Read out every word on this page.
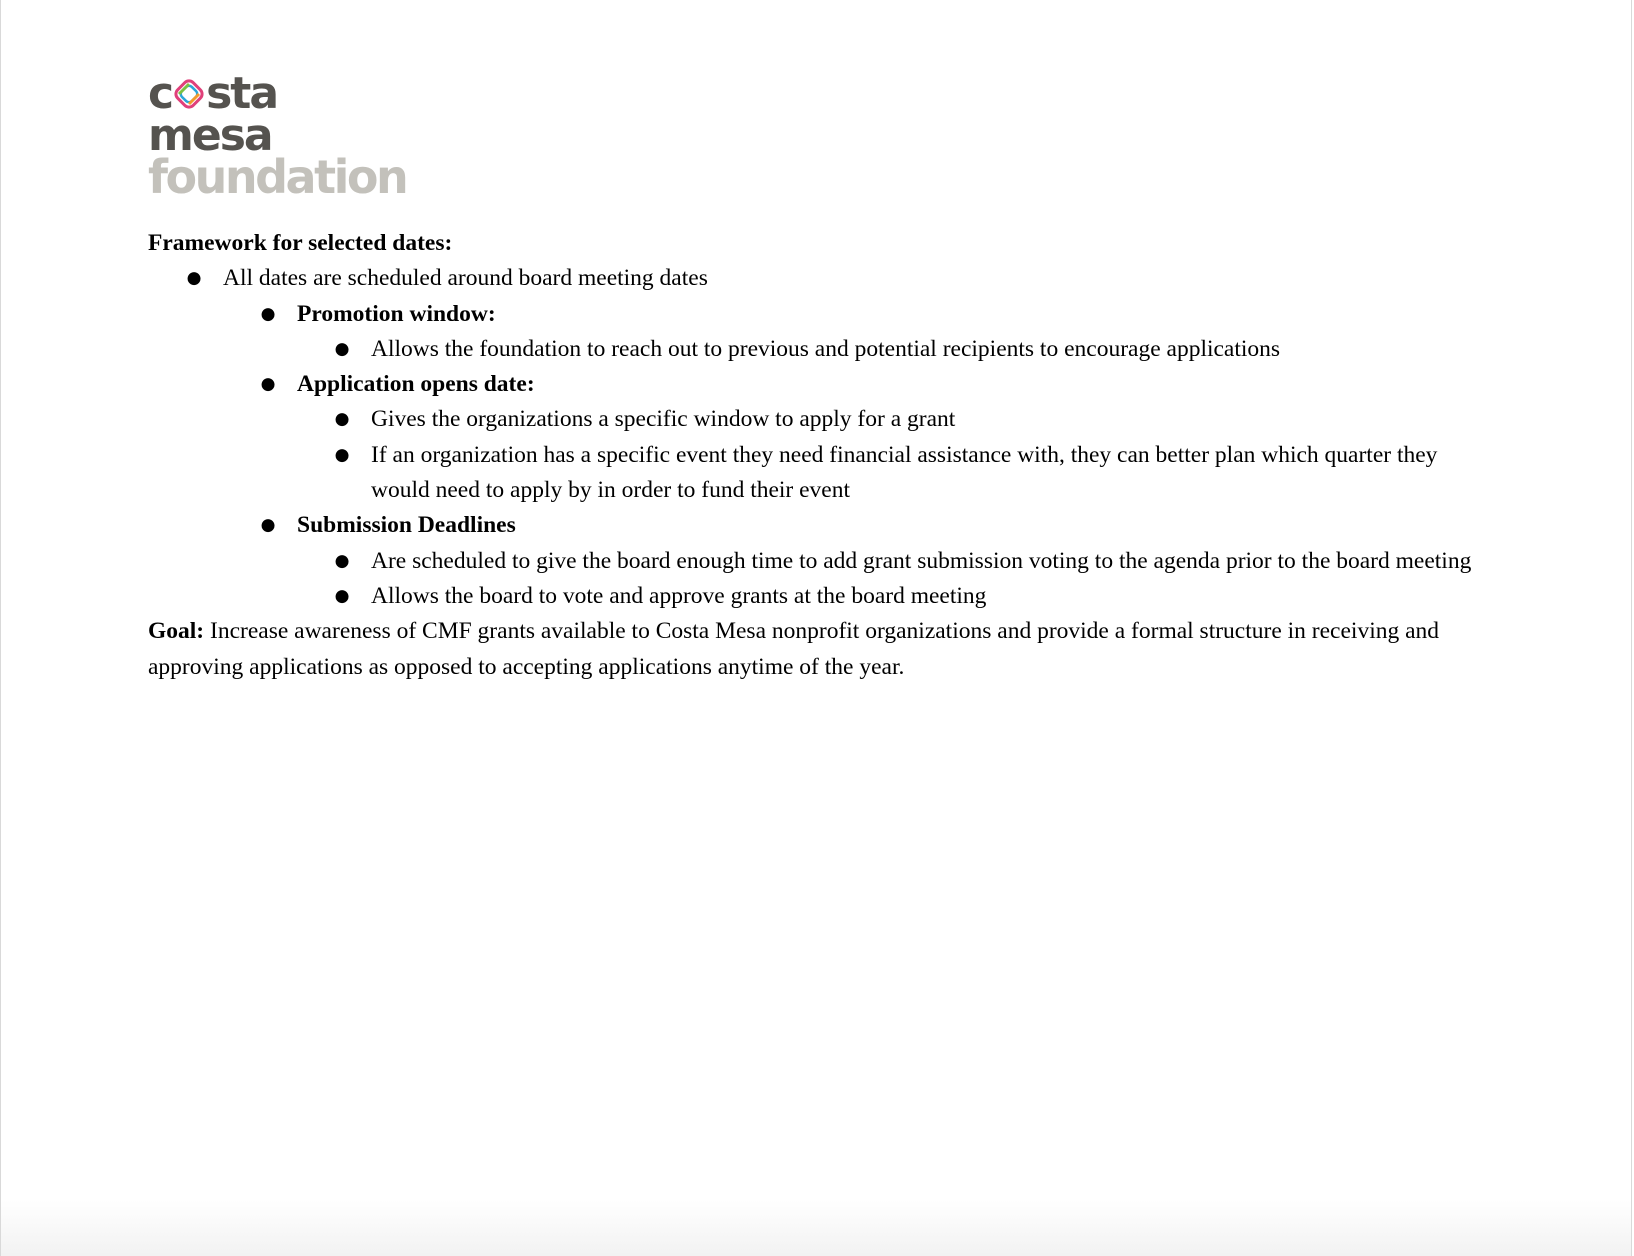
c sta
mesa
foundation

Framework for selected dates:

● All dates are scheduled around board meeting dates
● Promotion window:
● Allows the foundation to reach out to previous and potential recipients to encourage applications
● Application opens date:
● Gives the organizations a specific window to apply for a grant
● If an organization has a specific event they need financial assistance with, they can better plan which quarter they would need to apply by in order to fund their event
● Submission Deadlines
● Are scheduled to give the board enough time to add grant submission voting to the agenda prior to the board meeting
● Allows the board to vote and approve grants at the board meeting
Goal: Increase awareness of CMF grants available to Costa Mesa nonprofit organizations and provide a formal structure in receiving and approving applications as opposed to accepting applications anytime of the year.
